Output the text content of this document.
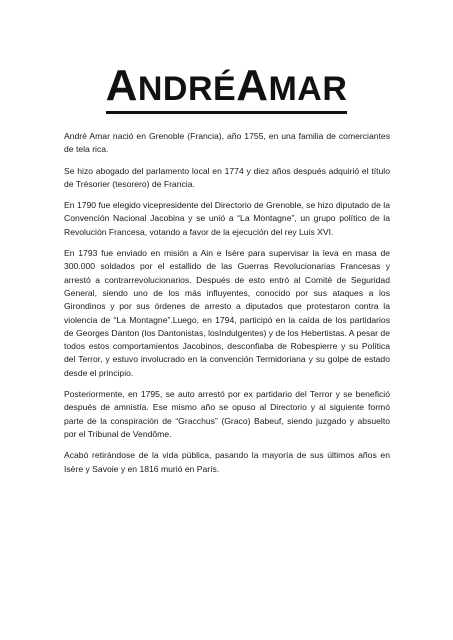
ANDRÉAMAR

André Amar nació en Grenoble (Francia), año 1755, en una familia de comerciantes de tela rica.

Se hizo abogado del parlamento local en 1774 y diez años después adquirió el título de Trésorier (tesorero) de Francia.

En 1790 fue elegido vicepresidente del Directorio de Grenoble, se hizo diputado de la Convención Nacional Jacobina y se unió a “La Montagne”, un grupo político de la Revolución Francesa, votando a favor de la ejecución del rey Luis XVI.

En 1793 fue enviado en misión a Ain e Isère para supervisar la leva en masa de 300.000 soldados por el estallido de las Guerras Revolucionarias Francesas y arrestó a contrarrevolucionarios. Después de esto entró al Comité de Seguridad General, siendo uno de los más influyentes, conocido por sus ataques a los Girondinos y por sus órdenes de arresto a diputados que protestaron contra la violencia de “La Montagne”.Luego, en 1794, participó en la caída de los partidarios de Georges Danton (los Dantonistas, losIndulgentes) y de los Hebertistas. A pesar de todos estos comportamientos Jacobinos, desconfiaba de Robespierre y su Política del Terror, y estuvo involucrado en la convención Termidoriana y su golpe de estado desde el principio.

Posteriormente, en 1795, se auto arrestó por ex partidario del Terror y se benefició después de amnistía. Ese mismo año se opuso al Directorio y al siguiente formó parte de la conspiración de “Gracchus” (Graco) Babeuf, siendo juzgado y absuelto por el Tribunal de Vendôme.

Acabó retirándose de la vida pública, pasando la mayoría de sus últimos años en Isère y Savoie y en 1816 murió en París.
